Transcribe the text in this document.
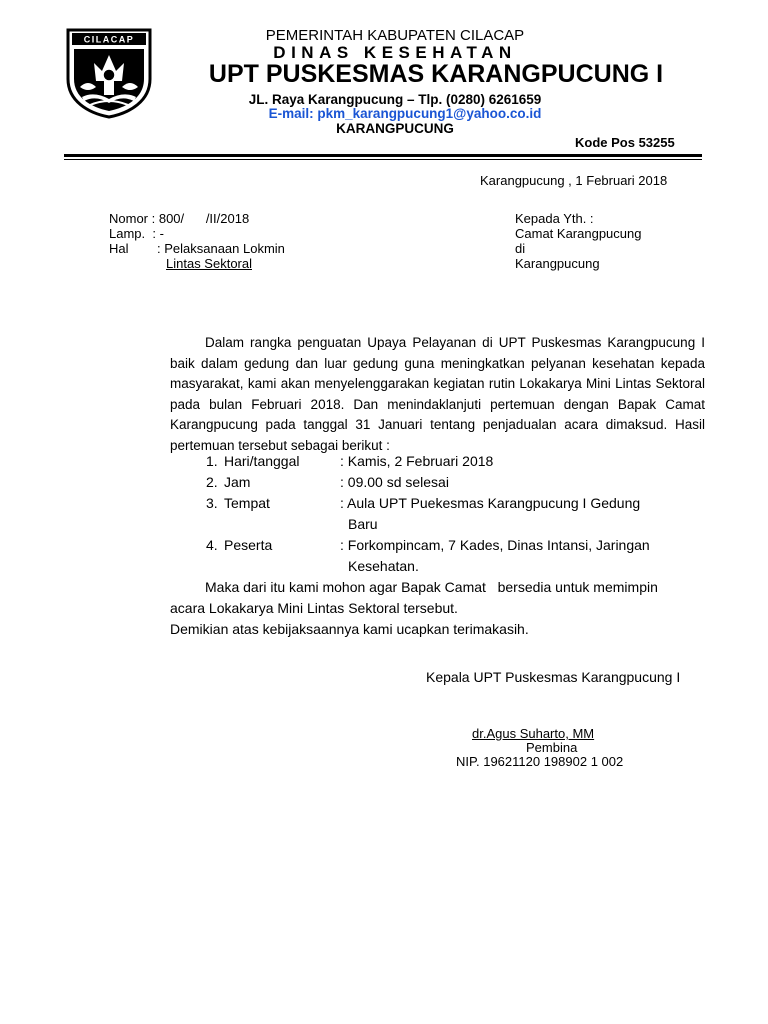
CILACAP	PEMERINTAH KABUPATEN CILACAP
DINAS KESEHATAN
UPT PUSKESMAS KARANGPUCUNG I
JL. Raya Karangpucung – Tlp. (0280) 6261659
E-mail: pkm_karangpucung1@yahoo.co.id
KARANGPUCUNG
Kode Pos 53255
Karangpucung , 1 Februari 2018
Nomor : 800/      /II/2018
Lamp.  : -
Hal : Pelaksanaan Lokmin
Lintas Sektoral
Kepada Yth. :
Camat Karangpucung
di
Karangpucung
Dalam rangka penguatan Upaya Pelayanan di UPT Puskesmas Karangpucung I baik dalam gedung dan luar gedung guna meningkatkan pelyanan kesehatan kepada masyarakat, kami akan menyelenggarakan kegiatan rutin Lokakarya Mini Lintas Sektoral pada bulan Februari 2018. Dan menindaklanjuti pertemuan dengan Bapak Camat Karangpucung pada tanggal 31 Januari tentang penjadualan acara dimaksud. Hasil pertemuan tersebut sebagai berikut :
1. Hari/tanggal	: Kamis, 2 Februari 2018
2. Jam	: 09.00 sd selesai
3. Tempat	: Aula UPT Puekesmas Karangpucung I Gedung
Baru
4. Peserta	: Forkompincam, 7 Kades, Dinas Intansi, Jaringan
Kesehatan.
Maka dari itu kami mohon agar Bapak Camat   bersedia untuk memimpin
acara Lokakarya Mini Lintas Sektoral tersebut.
Demikian atas kebijaksaannya kami ucapkan terimakasih.
Kepala UPT Puskesmas Karangpucung I
dr.Agus Suharto, MM
Pembina
NIP. 19621120 198902 1 002
